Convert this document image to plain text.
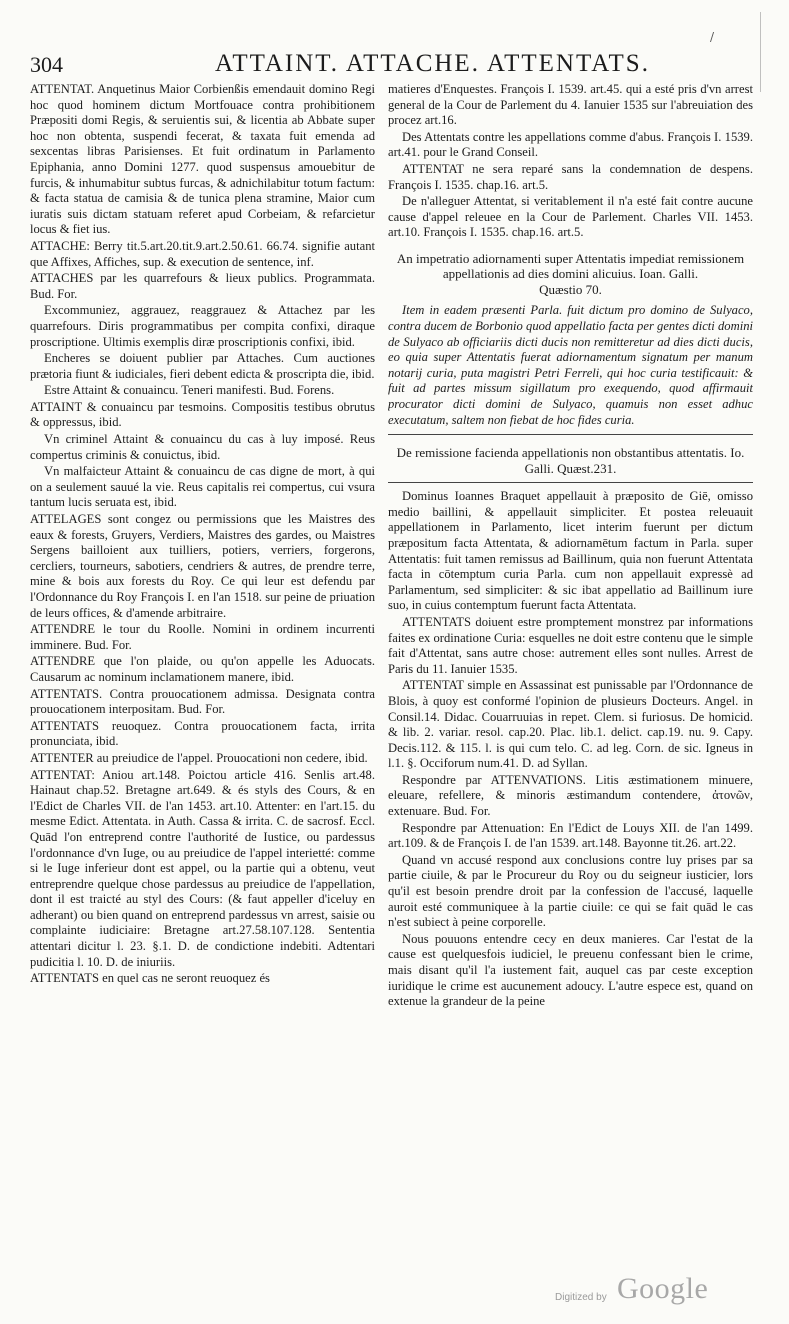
/
304	ATTAINT. ATTACHE. ATTENTATS.

ATTENTAT. Anquetinus Maior Corbienßis emendauit domino Regi hoc quod hominem dictum Mortfouace contra prohibitionem Præpositi domi Regis, & seruientis sui, & licentia ab Abbate super hoc non obtenta, suspendi fecerat, & taxata fuit emenda ad sexcentas libras Parisienses. Et fuit ordinatum in Parlamento Epiphania, anno Domini 1277. quod suspensus amouebitur de furcis, & inhumabitur subtus furcas, & adnichilabitur totum factum: & facta statua de camisia & de tunica plena stramine, Maior cum iuratis suis dictam statuam referet apud Corbeiam, & refarcietur locus & fiet ius.

ATTACHE: Berry tit.5.art.20.tit.9.art.2.50.61. 66.74. signifie autant que Affixes, Affiches, sup. & execution de sentence, inf.

ATTACHES par les quarrefours & lieux publics. Programmata. Bud. For.

Excommuniez, aggrauez, reaggrauez & Attachez par les quarrefours. Diris programmatibus per compita confixi, diraque proscriptione. Ultimis exemplis diræ proscriptionis confixi, ibid.

Encheres se doiuent publier par Attaches. Cum auctiones prætoria fiunt & iudiciales, fieri debent edicta & proscripta die, ibid.

Estre Attaint & conuaincu. Teneri manifesti. Bud. Forens.

ATTAINT & conuaincu par tesmoins. Compositis testibus obrutus & oppressus, ibid.

Vn criminel Attaint & conuaincu du cas à luy imposé. Reus compertus criminis & conuictus, ibid.

Vn malfaicteur Attaint & conuaincu de cas digne de mort, à qui on a seulement sauué la vie. Reus capitalis rei compertus, cui vsura tantum lucis seruata est, ibid.

ATTELAGES sont congez ou permissions que les Maistres des eaux & forests, Gruyers, Verdiers, Maistres des gardes, ou Maistres Sergens bailloient aux tuilliers, potiers, verriers, forgerons, cercliers, tourneurs, sabotiers, cendriers & autres, de prendre terre, mine & bois aux forests du Roy. Ce qui leur est defendu par l'Ordonnance du Roy François I. en l'an 1518. sur peine de priuation de leurs offices, & d'amende arbitraire.

ATTENDRE le tour du Roolle. Nomini in ordinem incurrenti imminere. Bud. For.

ATTENDRE que l'on plaide, ou qu'on appelle les Aduocats. Causarum ac nominum inclamationem manere, ibid.

ATTENTATS. Contra prouocationem admissa. Designata contra prouocationem interpositam. Bud. For.

ATTENTATS reuoquez. Contra prouocationem facta, irrita pronunciata, ibid.

ATTENTER au preiudice de l'appel. Prouocationi non cedere, ibid.

ATTENTAT: Aniou art.148. Poictou article 416. Senlis art.48. Hainaut chap.52. Bretagne art.649. & és styls des Cours, & en l'Edict de Charles VII. de l'an 1453. art.10. Attenter: en l'art.15. du mesme Edict. Attentata. in Auth. Cassa & irrita. C. de sacrosf. Eccl. Quād l'on entreprend contre l'authorité de Iustice, ou pardessus l'ordonnance d'vn Iuge, ou au preiudice de l'appel interietté: comme si le Iuge inferieur dont est appel, ou la partie qui a obtenu, veut entreprendre quelque chose pardessus au preiudice de l'appellation, dont il est traicté au styl des Cours: (& faut appeller d'iceluy en adherant) ou bien quand on entreprend pardessus vn arrest, saisie ou complainte iudiciaire: Bretagne art.27.58.107.128. Sententia attentari dicitur l. 23. §.1. D. de condictione indebiti. Adtentari pudicitia l. 10. D. de iniuriis.

ATTENTATS en quel cas ne seront reuoquez és

matieres d'Enquestes. François I. 1539. art.45. qui a esté pris d'vn arrest general de la Cour de Parlement du 4. Ianuier 1535 sur l'abreuiation des procez art.16.

Des Attentats contre les appellations comme d'abus. François I. 1539. art.41. pour le Grand Conseil.

ATTENTAT ne sera reparé sans la condemnation de despens. François I. 1535. chap.16. art.5.

De n'alleguer Attentat, si veritablement il n'a esté fait contre aucune cause d'appel releuee en la Cour de Parlement. Charles VII. 1453. art.10. François I. 1535. chap.16. art.5.

An impetratio adiornamenti super Attentatis impediat remissionem appellationis ad dies domini alicuius. Ioan. Galli.
Quæstio 70.

Item in eadem præsenti Parla. fuit dictum pro domino de Sulyaco, contra ducem de Borbonio quod appellatio facta per gentes dicti domini de Sulyaco ab officiariis dicti ducis non remitteretur ad dies dicti ducis, eo quia super Attentatis fuerat adiornamentum signatum per manum notarij curia, puta magistri Petri Ferreli, qui hoc curia testificauit: & fuit ad partes missum sigillatum pro exequendo, quod affirmauit procurator dicti domini de Sulyaco, quamuis non esset adhuc executatum, saltem non fiebat de hoc fides curia.

De remissione facienda appellationis non obstantibus attentatis. Io. Galli. Quæst.231.

Dominus Ioannes Braquet appellauit à præposito de Giē, omisso medio baillini, & appellauit simpliciter. Et postea releuauit appellationem in Parlamento, licet interim fuerunt per dictum præpositum facta Attentata, & adiornamētum factum in Parla. super Attentatis: fuit tamen remissus ad Baillinum, quia non fuerunt Attentata facta in cōtemptum curia Parla. cum non appellauit expressè ad Parlamentum, sed simpliciter: & sic ibat appellatio ad Baillinum iure suo, in cuius contemptum fuerunt facta Attentata.

ATTENTATS doiuent estre promptement monstrez par informations faites ex ordinatione Curia: esquelles ne doit estre contenu que le simple fait d'Attentat, sans autre chose: autrement elles sont nulles. Arrest de Paris du 11. Ianuier 1535.

ATTENTAT simple en Assassinat est punissable par l'Ordonnance de Blois, à quoy est conformé l'opinion de plusieurs Docteurs. Angel. in Consil.14. Didac. Couarruuias in repet. Clem. si furiosus. De homicid. & lib. 2. variar. resol. cap.20. Plac. lib.1. delict. cap.19. nu. 9. Capy. Decis.112. & 115. l. is qui cum telo. C. ad leg. Corn. de sic. Igneus in l.1. §. Occiforum num.41. D. ad Syllan.

Respondre par ATTENVATIONS. Litis æstimationem minuere, eleuare, refellere, & minoris æstimandum contendere, ἀτονῶν, extenuare. Bud. For.

Respondre par Attenuation: En l'Edict de Louys XII. de l'an 1499. art.109. & de François I. de l'an 1539. art.148. Bayonne tit.26. art.22.

Quand vn accusé respond aux conclusions contre luy prises par sa partie ciuile, & par le Procureur du Roy ou du seigneur iusticier, lors qu'il est besoin prendre droit par la confession de l'accusé, laquelle auroit esté communiquee à la partie ciuile: ce qui se fait quād le cas n'est subiect à peine corporelle.

Nous pouuons entendre cecy en deux manieres. Car l'estat de la cause est quelquesfois iudiciel, le preuenu confessant bien le crime, mais disant qu'il l'a iustement fait, auquel cas par ceste exception iuridique le crime est aucunement adoucy. L'autre espece est, quand on extenue la grandeur de la peine

Digitized by Google
